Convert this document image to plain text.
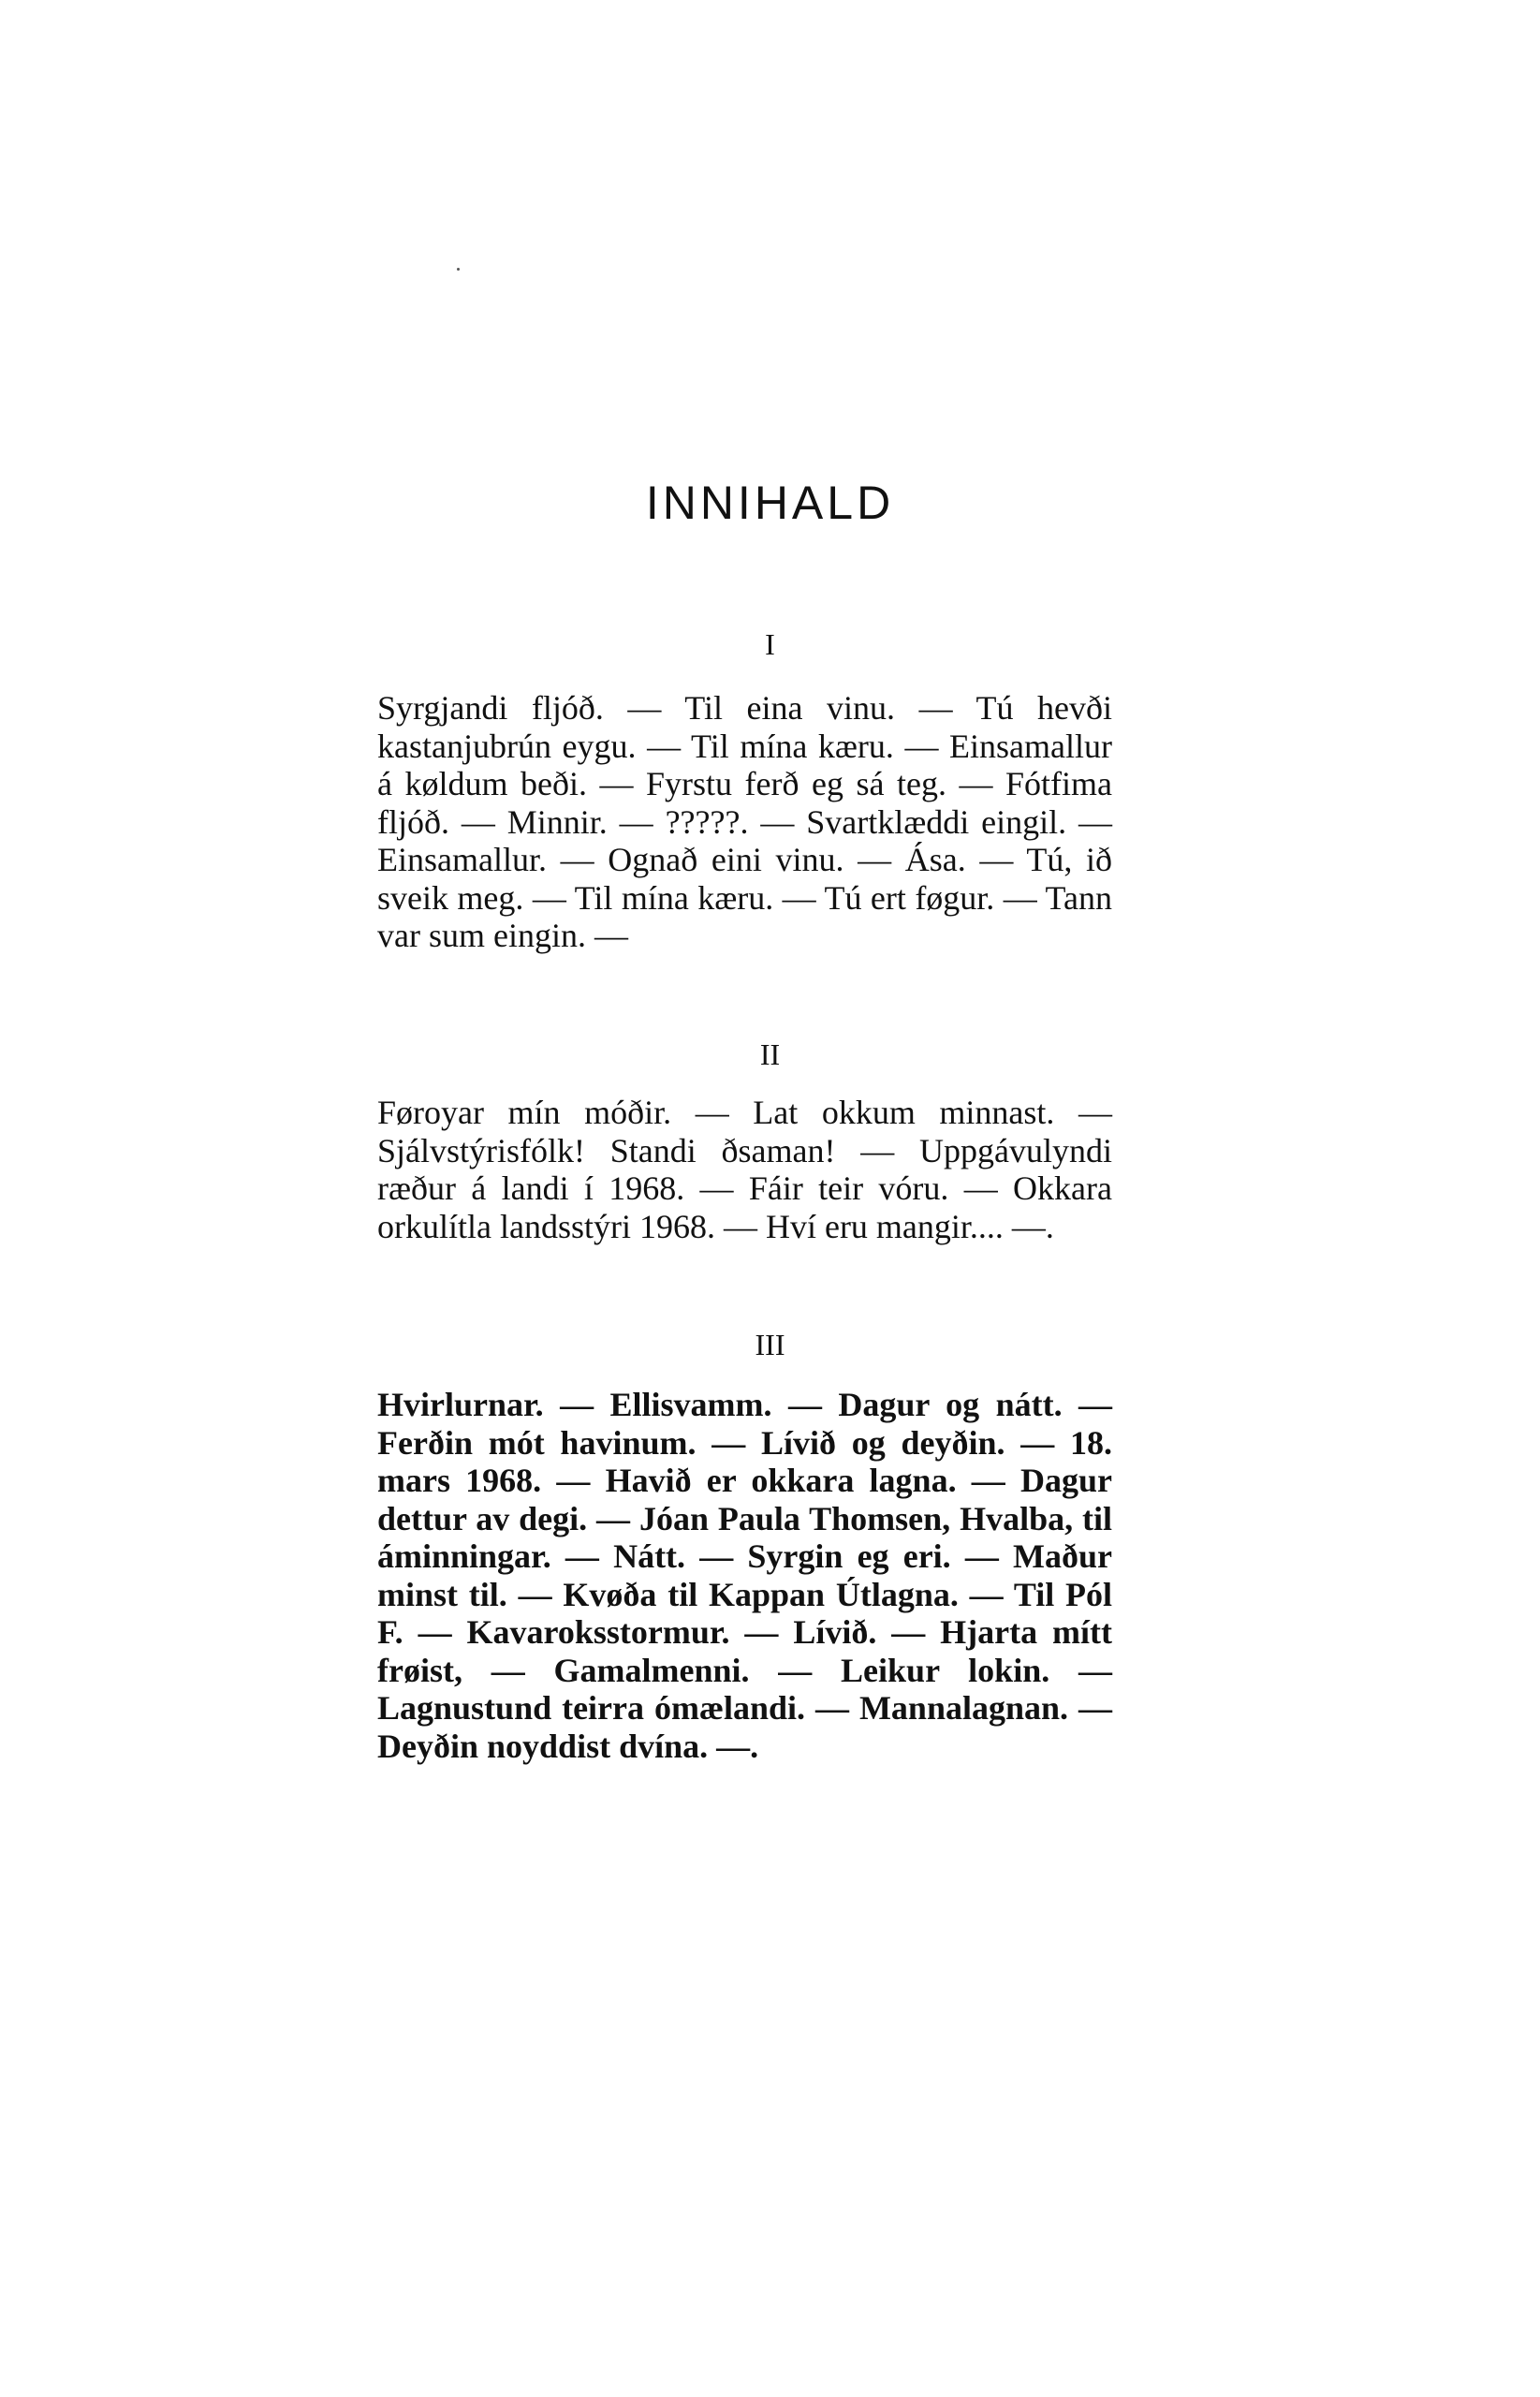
INNIHALD
I

Syrgjandi fljóð. — Til eina vinu. — Tú hevði kastanjubrún eygu. — Til mína kæru. — Einsamallur á køldum beði. — Fyrstu ferð eg sá teg. — Fótfima fljóð. — Minnir. — ?????. — Svartklæddi eingil. — Einsamallur. — Ognað eini vinu. — Ása. — Tú, ið sveik meg. — Til mína kæru. — Tú ert føgur. — Tann var sum eingin. —

II

Føroyar mín móðir. — Lat okkum minnast. — Sjálvstýrisfólk! Standi ðsaman! — Uppgávulyndi ræður á landi í 1968. — Fáir teir vóru. — Okkara orkulítla landsstýri 1968. — Hví eru mangir.... —.

III

Hvirlurnar. — Ellisvamm. — Dagur og nátt. — Ferðin mót havinum. — Lívið og deyðin. — 18. mars 1968. — Havið er okkara lagna. — Dagur dettur av degi. — Jóan Paula Thomsen, Hvalba, til áminningar. — Nátt. — Syrgin eg eri. — Maður minst til. — Kvøða til Kappan Útlagna. — Til Pól F. — Kavaroksstormur. — Lívið. — Hjarta mítt frøist, — Gamalmenni. — Leikur lokin. — Lagnustund teirra ómælandi. — Mannalagnan. — Deyðin noyddist dvína. —.
